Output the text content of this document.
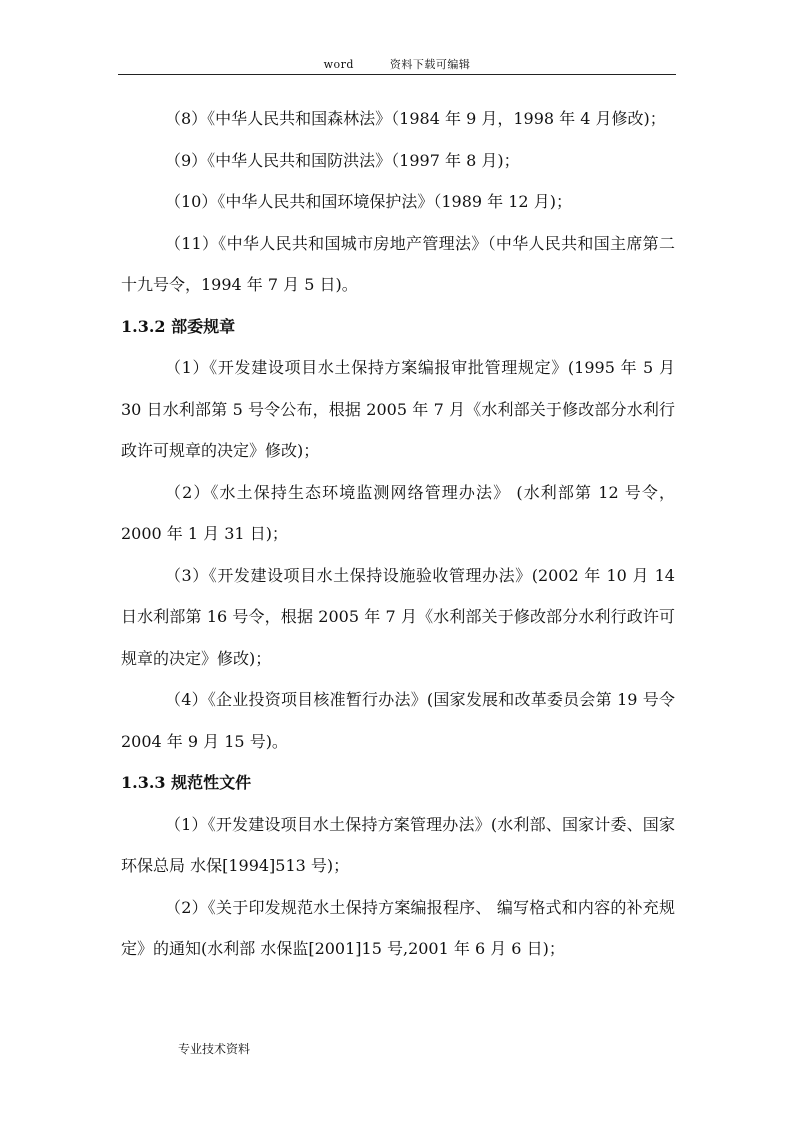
word	资料下载可编辑

（8）《中华人民共和国森林法》（1984 年 9 月，1998 年 4 月修改)；

（9）《中华人民共和国防洪法》（1997 年 8 月)；

（10）《中华人民共和国环境保护法》（1989 年 12 月)；

（11）《中华人民共和国城市房地产管理法》（中华人民共和国主席第二十九号令，1994 年 7 月 5 日)。

1.3.2 部委规章

（1）《开发建设项目水土保持方案编报审批管理规定》(1995 年 5 月 30 日水利部第 5 号令公布，根据 2005 年 7 月《水利部关于修改部分水利行政许可规章的决定》修改)；

（2）《水土保持生态环境监测网络管理办法》 (水利部第 12 号令，2000 年 1 月 31 日)；

（3）《开发建设项目水土保持设施验收管理办法》(2002 年 10 月 14 日水利部第 16 号令，根据 2005 年 7 月《水利部关于修改部分水利行政许可规章的决定》修改)；

（4）《企业投资项目核准暂行办法》(国家发展和改革委员会第 19 号令 2004 年 9 月 15 号)。

1.3.3 规范性文件

（1）《开发建设项目水土保持方案管理办法》(水利部、国家计委、国家环保总局 水保[1994]513 号)；

（2）《关于印发规范水土保持方案编报程序、 编写格式和内容的补充规定》的通知(水利部 水保监[2001]15 号,2001 年 6 月 6 日)；

专业技术资料
